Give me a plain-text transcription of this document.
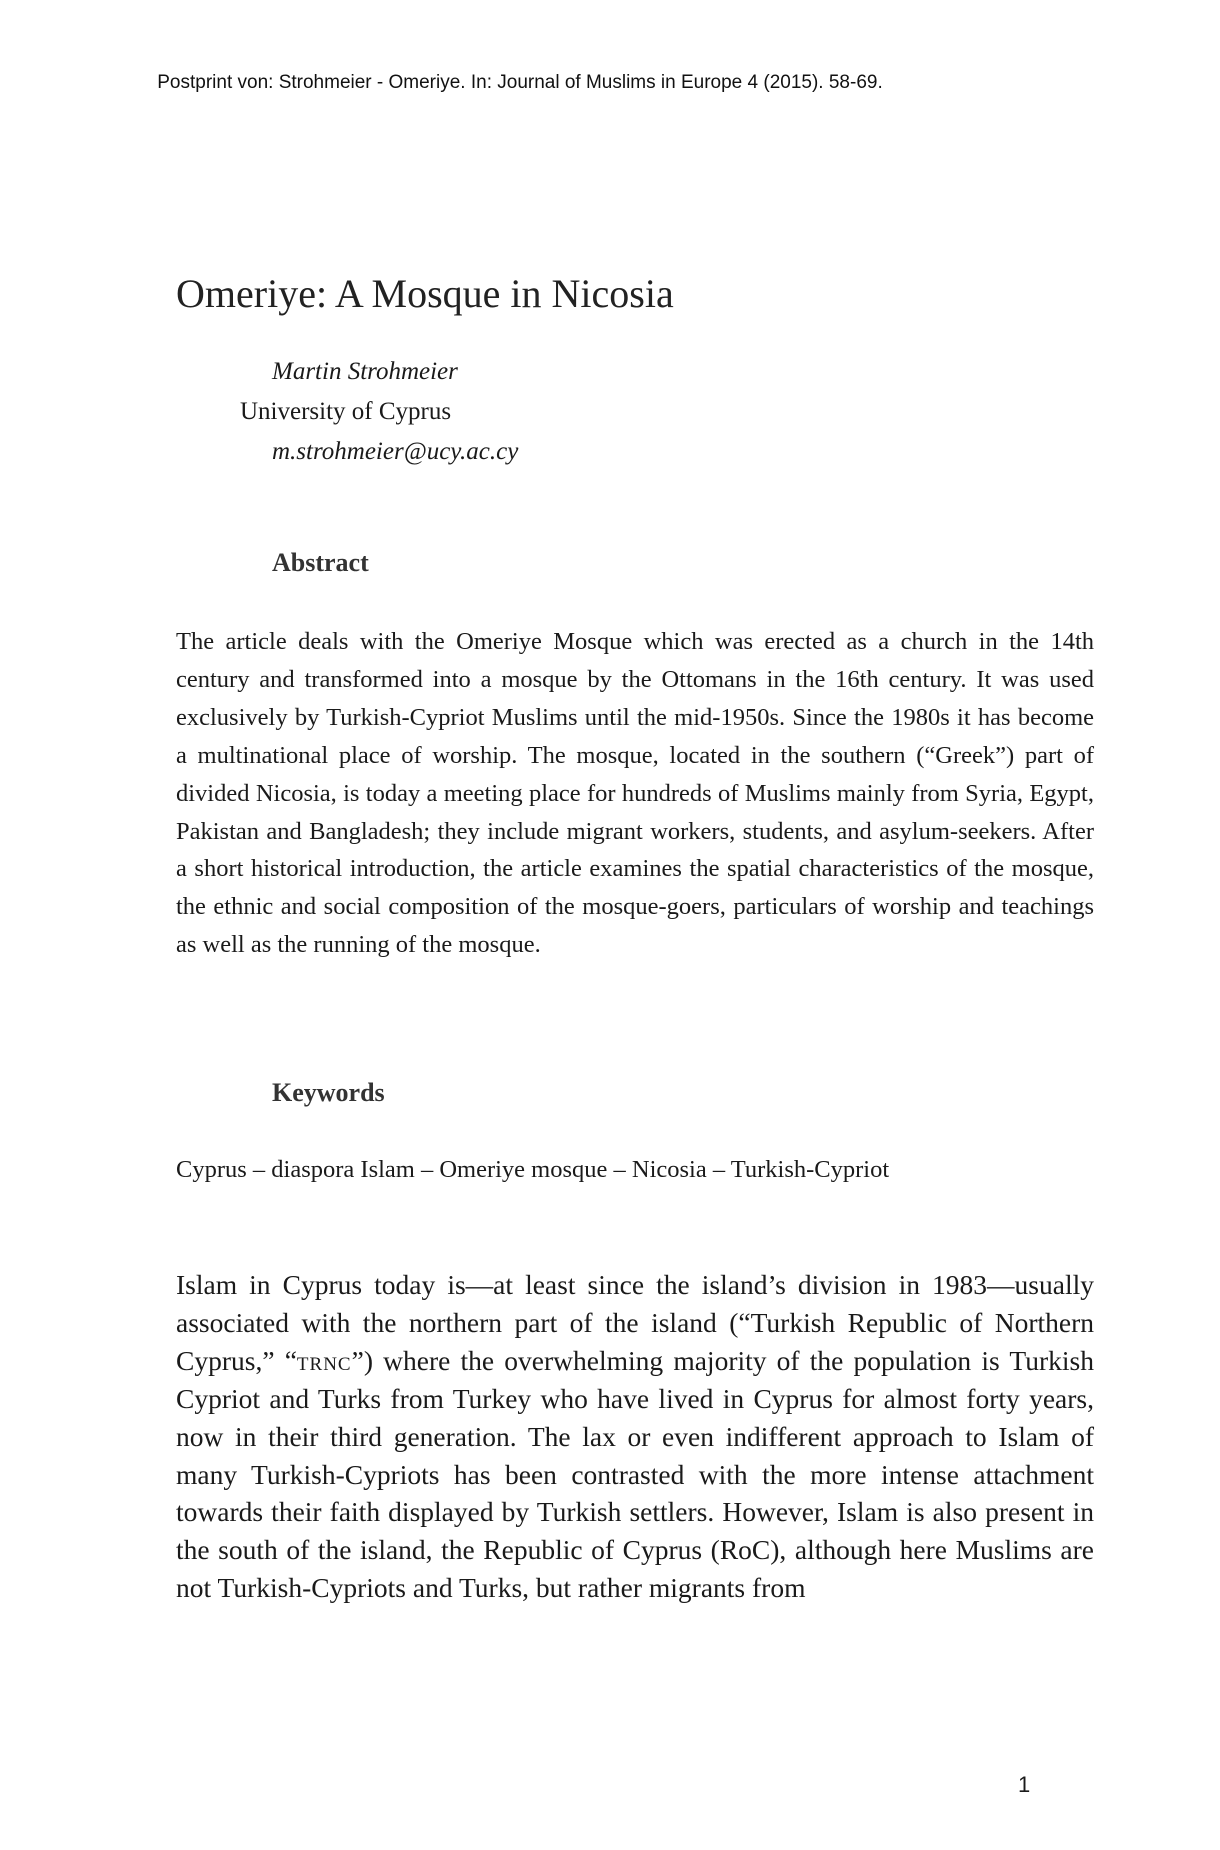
Postprint von: Strohmeier - Omeriye. In: Journal of Muslims in Europe 4 (2015). 58-69.
Omeriye: A Mosque in Nicosia
Martin Strohmeier
University of Cyprus
m.strohmeier@ucy.ac.cy
Abstract

The article deals with the Omeriye Mosque which was erected as a church in the 14th century and transformed into a mosque by the Ottomans in the 16th century. It was used exclusively by Turkish-Cypriot Muslims until the mid-1950s. Since the 1980s it has become a multinational place of worship. The mosque, located in the southern (“Greek”) part of divided Nicosia, is today a meeting place for hundreds of Muslims mainly from Syria, Egypt, Pakistan and Bangladesh; they include migrant workers, students, and asylum-seekers. After a short historical introduction, the article examines the spatial characteristics of the mosque, the ethnic and social composition of the mosque-goers, particulars of worship and teachings as well as the running of the mosque.

Keywords

Cyprus – diaspora Islam – Omeriye mosque – Nicosia – Turkish-Cypriot

Islam in Cyprus today is—at least since the island’s division in 1983—usually associated with the northern part of the island (“Turkish Republic of Northern Cyprus,” “trnc”) where the overwhelming majority of the population is Turkish Cypriot and Turks from Turkey who have lived in Cyprus for almost forty years, now in their third generation. The lax or even indifferent approach to Islam of many Turkish-Cypriots has been contrasted with the more intense attachment towards their faith displayed by Turkish settlers. However, Islam is also present in the south of the island, the Republic of Cyprus (RoC), although here Muslims are not Turkish-Cypriots and Turks, but rather migrants from

1
